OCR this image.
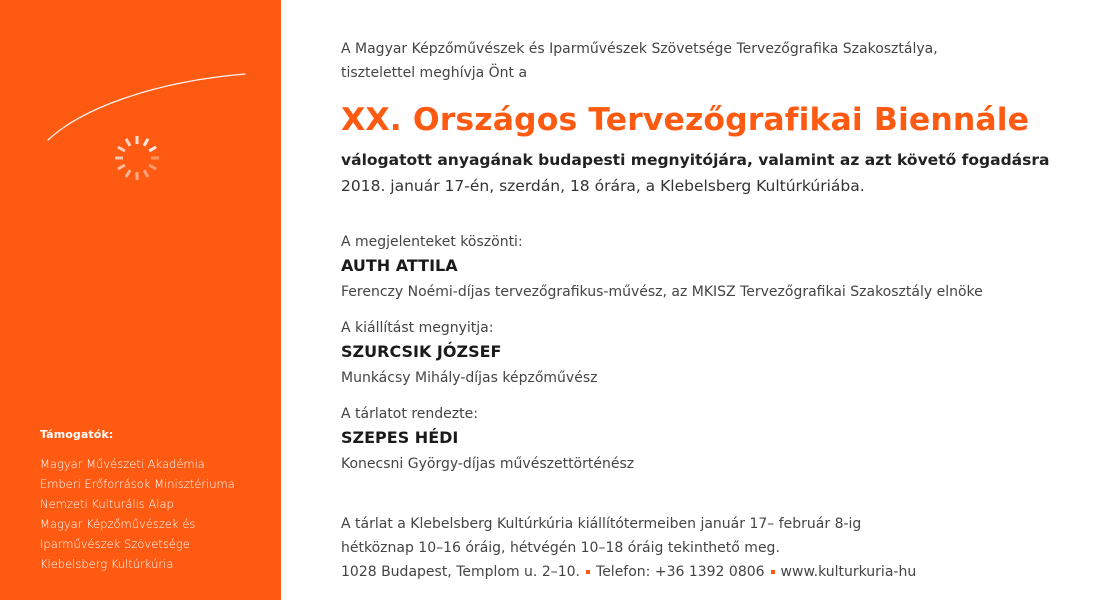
Támogatók:
Magyar Művészeti Akadémia
Emberi Erőforrások Minisztériuma
Nemzeti Kulturális Alap
Magyar Képzőművészek és
Iparművészek Szövetsége
Klebelsberg Kultúrkúria
A Magyar Képzőművészek és Iparművészek Szövetsége Tervezőgrafika Szakosztálya,
tisztelettel meghívja Önt a
XX. Országos Tervezőgrafikai Biennále
válogatott anyagának budapesti megnyitójára, valamint az azt követő fogadásra
2018. január 17-én, szerdán, 18 órára, a Klebelsberg Kultúrkúriába.
A megjelenteket köszönti:
AUTH ATTILA
Ferenczy Noémi-díjas tervezőgrafikus-művész, az MKISZ Tervezőgrafikai Szakosztály elnöke
A kiállítást megnyitja:
SZURCSIK JÓZSEF
Munkácsy Mihály-díjas képzőművész
A tárlatot rendezte:
SZEPES HÉDI
Konecsni György-díjas művészettörténész
A tárlat a Klebelsberg Kultúrkúria kiállítótermeiben január 17– február 8-ig
hétköznap 10–16 óráig, hétvégén 10–18 óráig tekinthető meg.
1028 Budapest, Templom u. 2–10. Telefon: +36 1392 0806 www.kulturkuria-hu
